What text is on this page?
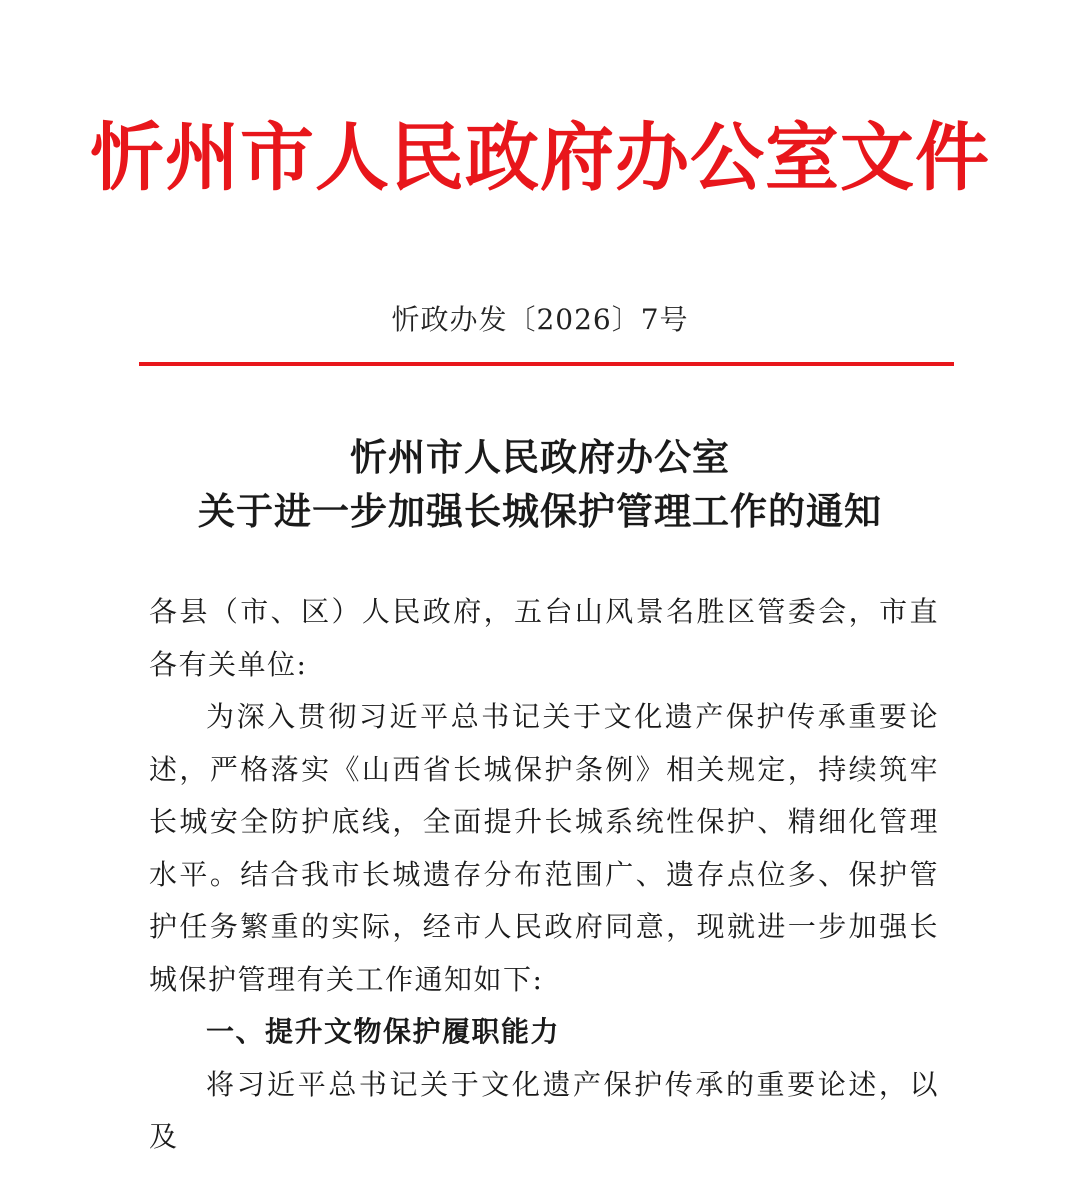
忻州市人民政府办公室文件
忻政办发〔2026〕7号
忻州市人民政府办公室
关于进一步加强长城保护管理工作的通知

各县（市、区）人民政府，五台山风景名胜区管委会，市直各有关单位:

为深入贯彻习近平总书记关于文化遗产保护传承重要论述，严格落实《山西省长城保护条例》相关规定，持续筑牢长城安全防护底线，全面提升长城系统性保护、精细化管理水平。结合我市长城遗存分布范围广、遗存点位多、保护管护任务繁重的实际，经市人民政府同意，现就进一步加强长城保护管理有关工作通知如下:

一、提升文物保护履职能力

将习近平总书记关于文化遗产保护传承的重要论述，以及
